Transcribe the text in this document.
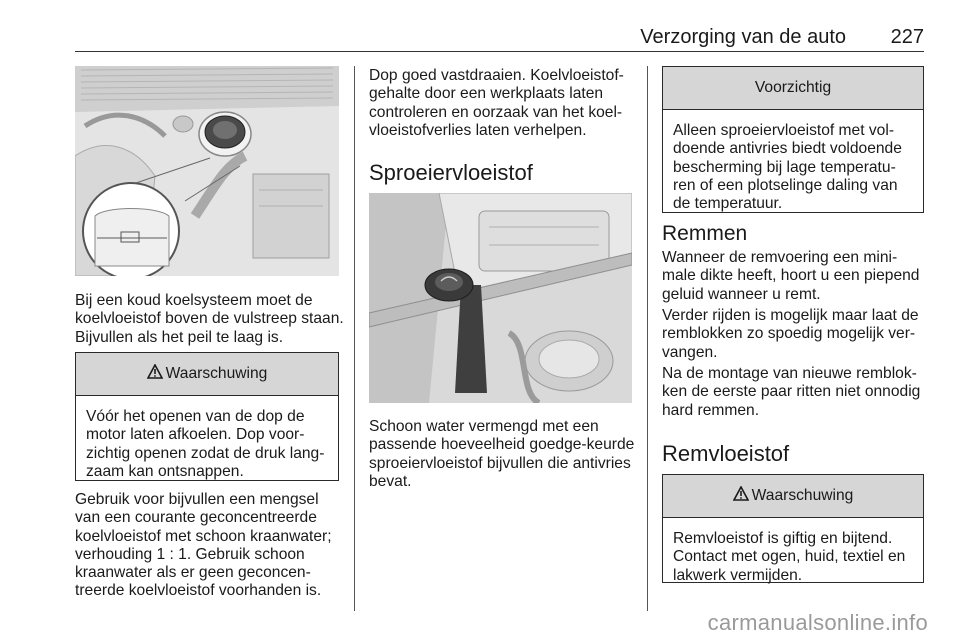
Verzorging van de auto 227
Bij een koud koelsysteem moet de koelvloeistof boven de vulstreep staan. Bijvullen als het peil te laag is.
Waarschuwing
Vóór het openen van de dop de motor laten afkoelen. Dop voor-zichtig openen zodat de druk lang-zaam kan ontsnappen.
Gebruik voor bijvullen een mengsel van een courante geconcentreerde koelvloeistof met schoon kraanwater; verhouding 1 : 1. Gebruik schoon kraanwater als er geen geconcen-treerde koelvloeistof voorhanden is.
Dop goed vastdraaien. Koelvloeistof-gehalte door een werkplaats laten controleren en oorzaak van het koel-vloeistofverlies laten verhelpen.
Sproeiervloeistof
Schoon water vermengd met een passende hoeveelheid goedge-keurde sproeiervloeistof bijvullen die antivries bevat.
Voorzichtig
Alleen sproeiervloeistof met vol-doende antivries biedt voldoende bescherming bij lage temperatu-ren of een plotselinge daling van de temperatuur.
Remmen
Wanneer de remvoering een mini-male dikte heeft, hoort u een piepend geluid wanneer u remt.
Verder rijden is mogelijk maar laat de remblokken zo spoedig mogelijk ver-vangen.
Na de montage van nieuwe remblok-ken de eerste paar ritten niet onnodig hard remmen.
Remvloeistof
Waarschuwing
Remvloeistof is giftig en bijtend. Contact met ogen, huid, textiel en lakwerk vermijden.
carmanualsonline.info
